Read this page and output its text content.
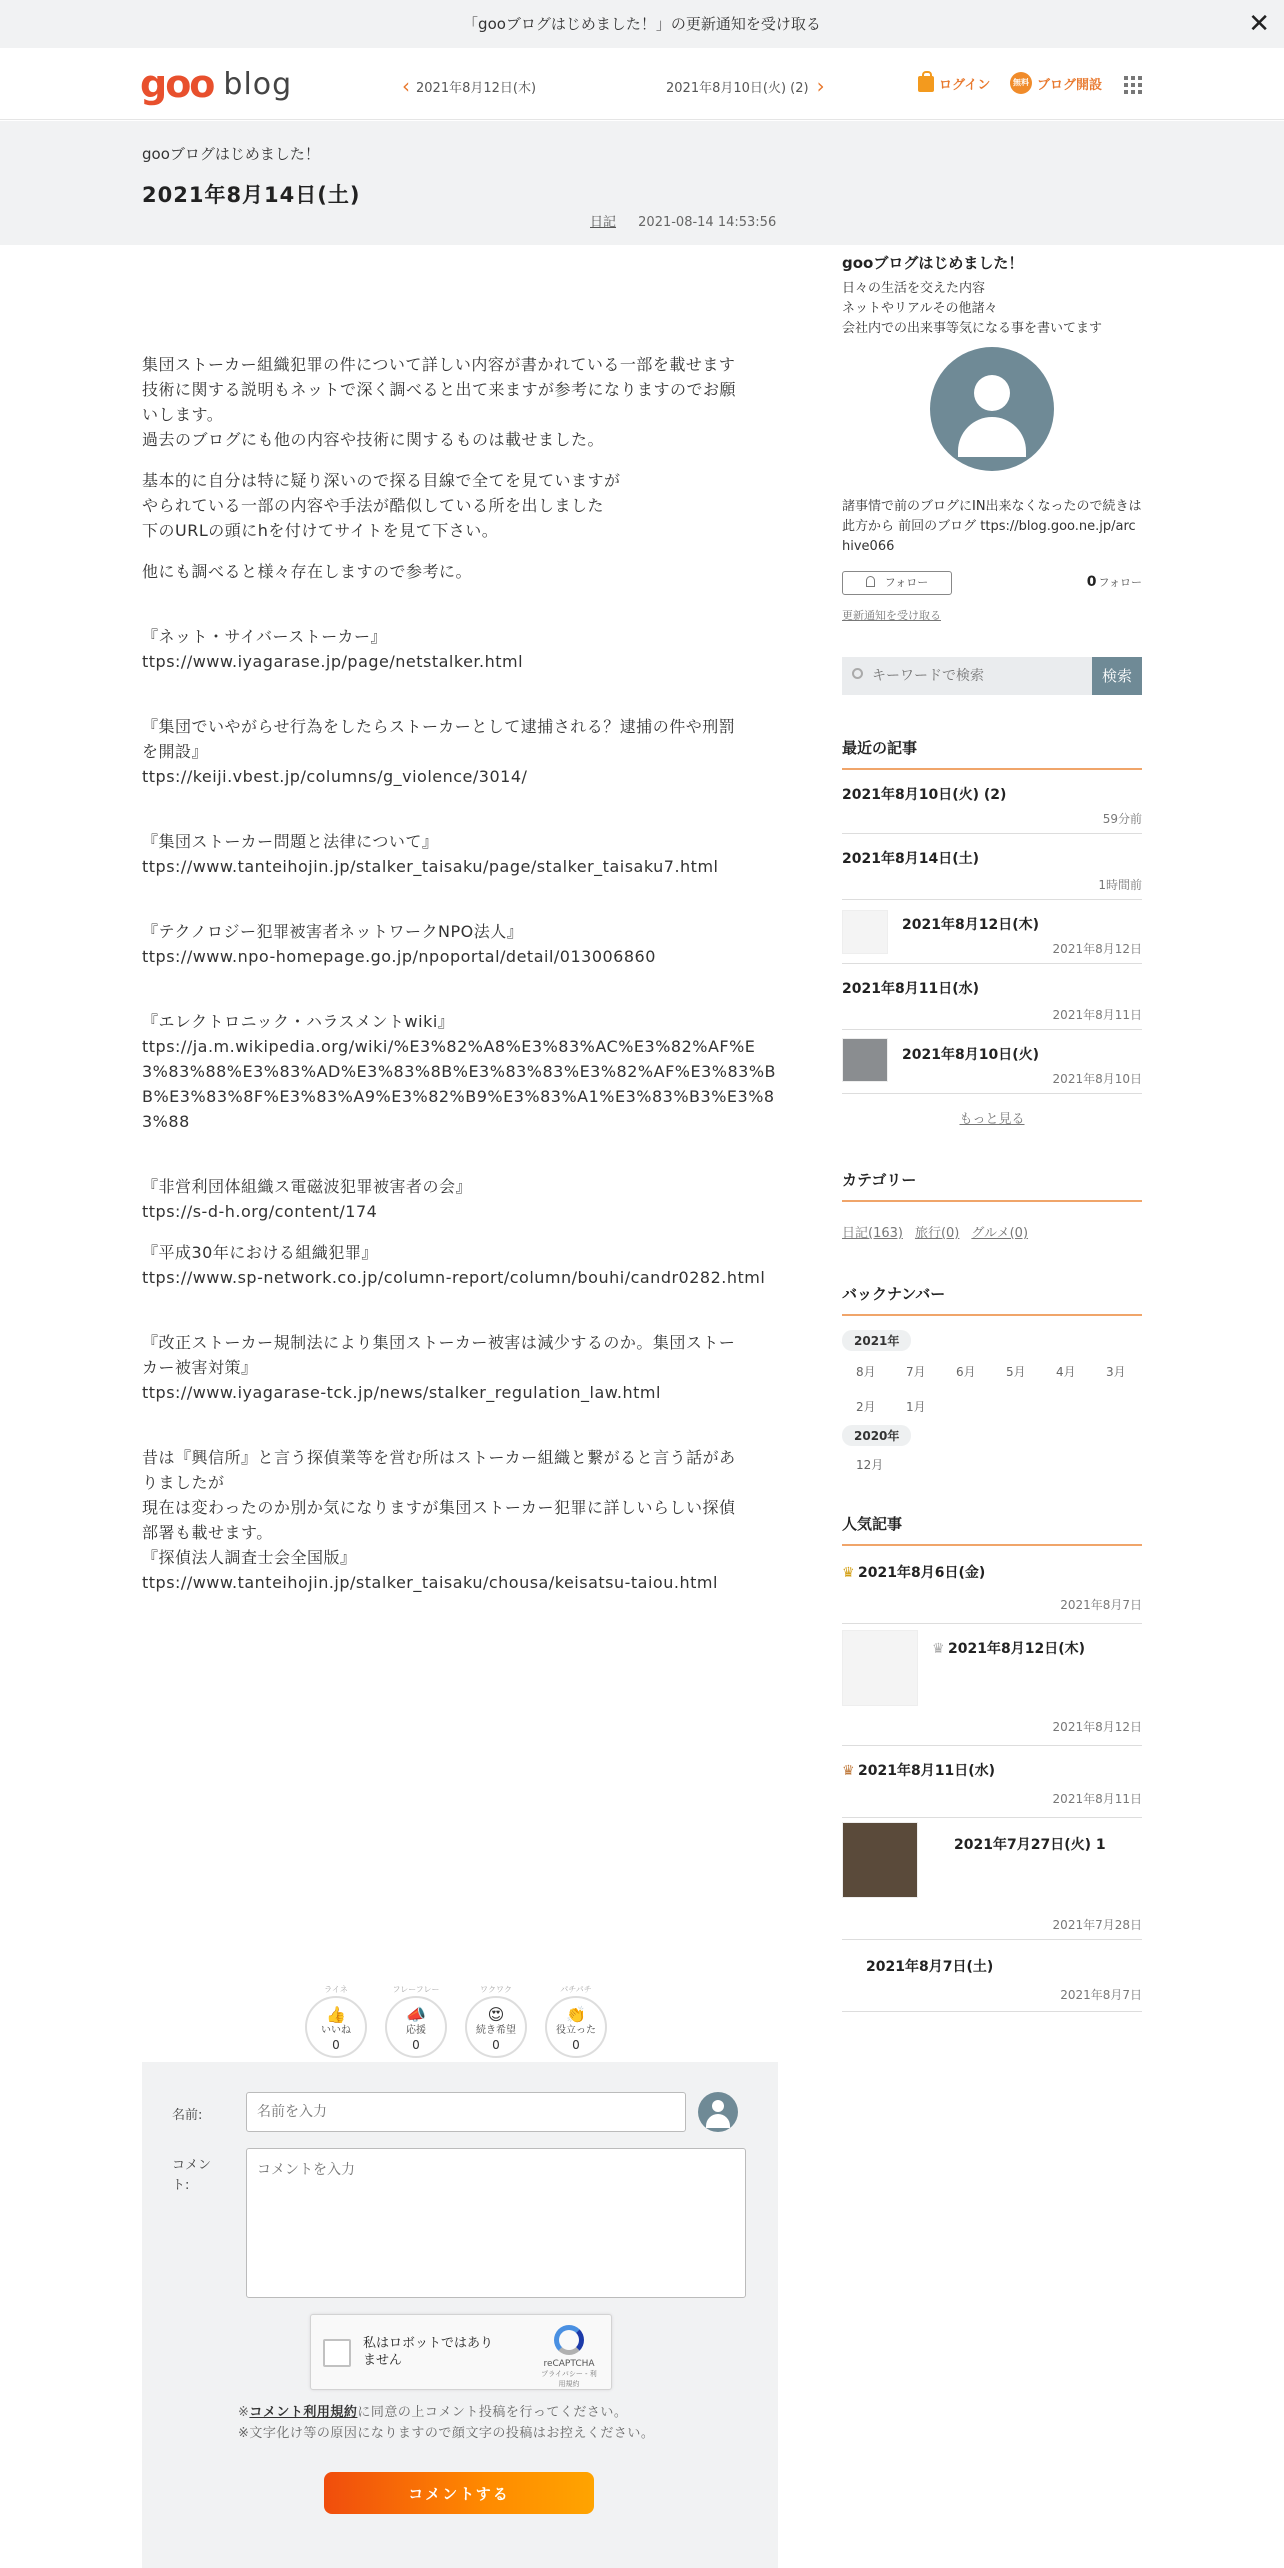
「gooブログはじめました！」の更新通知を受け取る	✕
goo blog	‹ 2021年8月12日(木)	2021年8月10日(火) (2) ›	ログイン	無料 ブログ開設
gooブログはじめました！
2021年8月14日(土)
日記 2021-08-14 14:53:56

集団ストーカー組織犯罪の件について詳しい内容が書かれている一部を載せます

技術に関する説明もネットで深く調べると出て来ますが参考になりますのでお願

いします。

過去のブログにも他の内容や技術に関するものは載せました。

基本的に自分は特に疑り深いので探る目線で全てを見ていますが

やられている一部の内容や手法が酷似している所を出しました

下のURLの頭にhを付けてサイトを見て下さい。

他にも調べると様々存在しますので参考に。

『ネット・サイバーストーカー』

ttps://www.iyagarase.jp/page/netstalker.html

『集団でいやがらせ行為をしたらストーカーとして逮捕される？逮捕の件や刑罰
を開設』

ttps://keiji.vbest.jp/columns/g_violence/3014/

『集団ストーカー問題と法律について』

ttps://www.tanteihojin.jp/stalker_taisaku/page/stalker_taisaku7.html

『テクノロジー犯罪被害者ネットワークNPO法人』

ttps://www.npo-homepage.go.jp/npoportal/detail/013006860

『エレクトロニック・ハラスメントwiki』

ttps://ja.m.wikipedia.org/wiki/%E3%82%A8%E3%83%AC%E3%82%AF%E3%83%88%E3%83%AD%E3%83%8B%E3%83%83%E3%82%AF%E3%83%BB%E3%83%8F%E3%83%A9%E3%82%B9%E3%83%A1%E3%83%B3%E3%83%88

『非営利団体組織ス電磁波犯罪被害者の会』

ttps://s-d-h.org/content/174

『平成30年における組織犯罪』

ttps://www.sp-network.co.jp/column-report/column/bouhi/candr0282.html

『改正ストーカー規制法により集団ストーカー被害は減少するのか。集団ストー
カー被害対策』

ttps://www.iyagarase-tck.jp/news/stalker_regulation_law.html

昔は『興信所』と言う探偵業等を営む所はストーカー組織と繋がると言う話があ

りましたが

現在は変わったのか別か気になりますが集団ストーカー犯罪に詳しいらしい探偵

部署も載せます。

『探偵法人調査士会全国版』

ttps://www.tanteihojin.jp/stalker_taisaku/chousa/keisatsu-taiou.html

ライネ
👍
いいね
0
フレーフレー
📣
応援
0
ワクワク
😍
続き希望
0
パチパチ
👏
役立った
0
名前:
名前を入力
コメン
ト:
コメントを入力
私はロボットではあり
ません	reCAPTCHA
プライバシー - 利用規約
※コメント利用規約に同意の上コメント投稿を行ってください。
※文字化け等の原因になりますので顔文字の投稿はお控えください。
コメントする
gooブログはじめました！
日々の生活を交えた内容
ネットやリアルその他諸々
会社内での出来事等気になる事を書いてます
諸事情で前のブログにIN出来なくなったので続きは此方から 前回のブログ ttps://blog.goo.ne.jp/archive066
フォロー	0 フォロー
更新通知を受け取る
キーワードで検索
検索
最近の記事
2021年8月10日(火) (2)
59分前
2021年8月14日(土)
1時間前
2021年8月12日(木)
2021年8月12日
2021年8月11日(水)
2021年8月11日
2021年8月10日(火)
2021年8月10日
もっと見る
カテゴリー
日記(163) 旅行(0) グルメ(0)
バックナンバー
2021年
8月	7月	6月	5月	4月	3月
2月	1月
2020年
12月
人気記事
♛ 2021年8月6日(金)
2021年8月7日
♛ 2021年8月12日(木)
2021年8月12日
♛ 2021年8月11日(水)
2021年8月11日
2021年7月27日(火) 1
2021年7月28日
2021年8月7日(土)
2021年8月7日
